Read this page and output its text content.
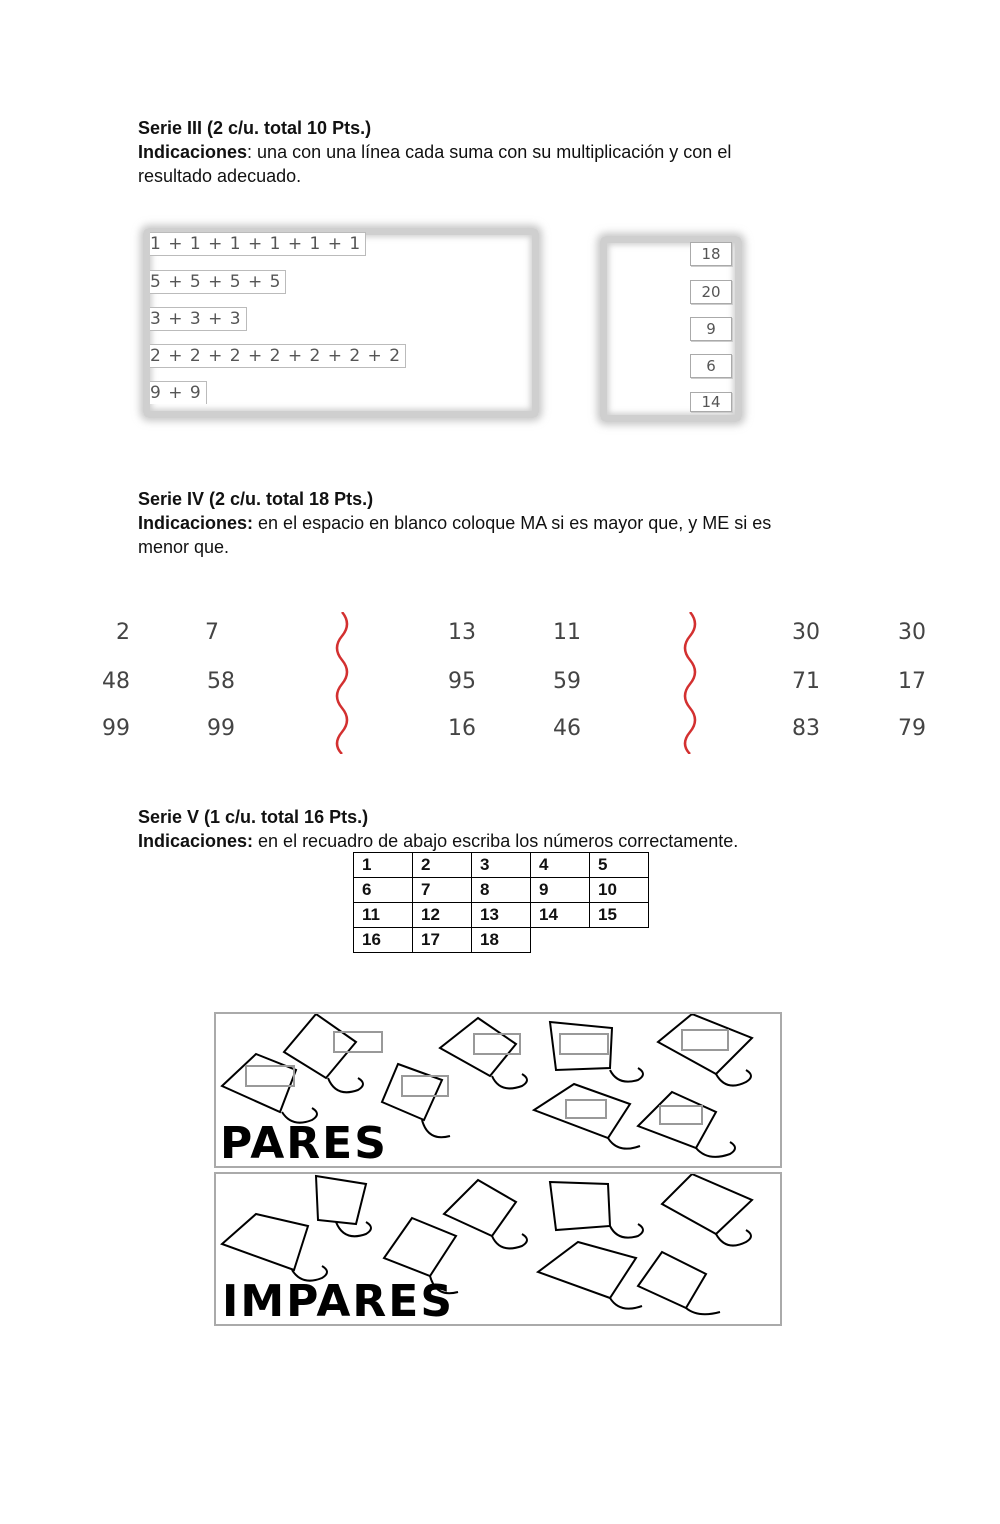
Serie III (2 c/u. total 10 Pts.)
Indicaciones: una con una línea cada suma con su multiplicación y con el
resultado adecuado.
1 + 1 + 1 + 1 + 1 + 1
5 + 5 + 5 + 5
3 + 3 + 3
2 + 2 + 2 + 2 + 2 + 2 + 2
9 + 9
18
20
9
6
14
Serie IV (2 c/u. total 18 Pts.)
Indicaciones: en el espacio en blanco coloque MA si es mayor que, y ME si es
menor que.
2	7
48	58
99	99
13	11
95	59
16	46
30	30
71	17
83	79
Serie V (1 c/u. total 16 Pts.)
Indicaciones: en el recuadro de abajo escriba los números correctamente.
1	2	3	4	5
6	7	8	9	10
11	12	13	14	15
16	17	18		
PARES
IMPARES
